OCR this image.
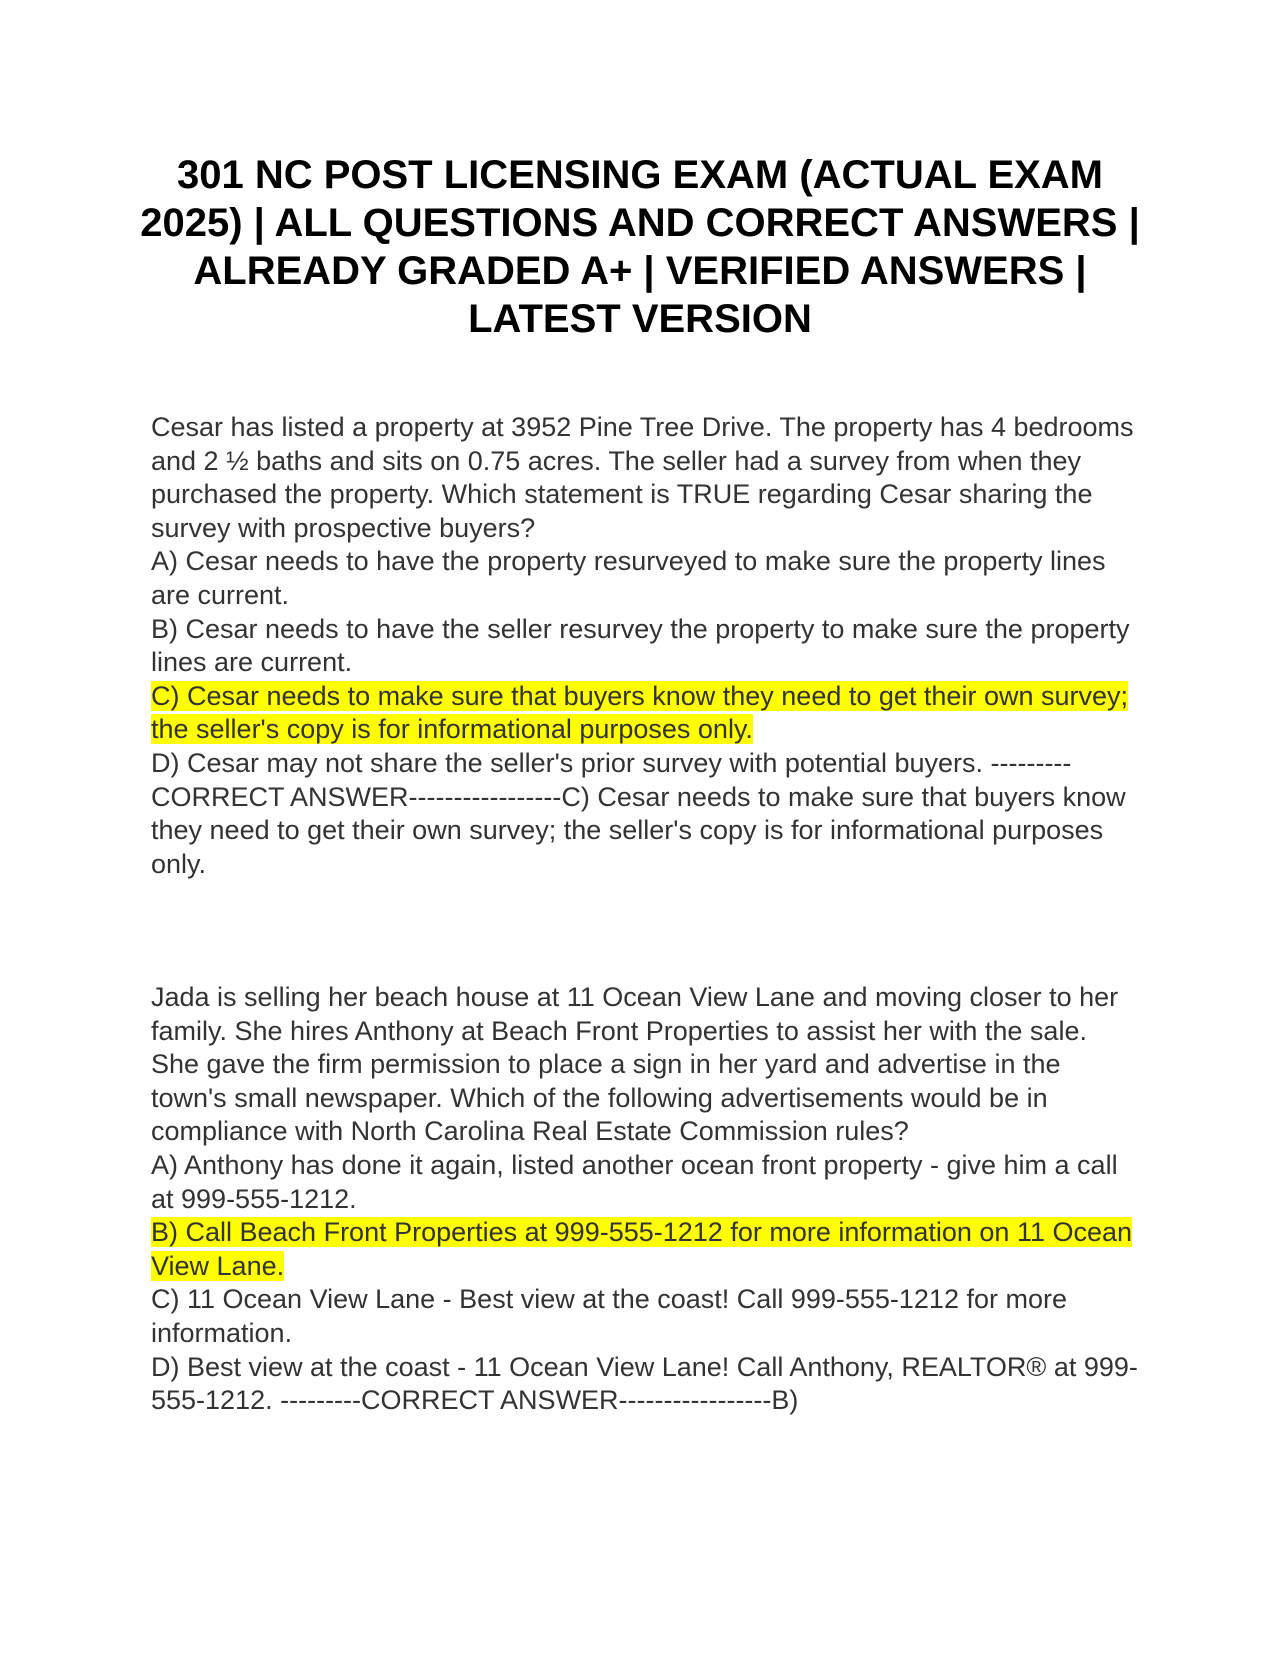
301 NC POST LICENSING EXAM (ACTUAL EXAM 2025) | ALL QUESTIONS AND CORRECT ANSWERS | ALREADY GRADED A+ | VERIFIED ANSWERS | LATEST VERSION

Cesar has listed a property at 3952 Pine Tree Drive. The property has 4 bedrooms and 2 ½ baths and sits on 0.75 acres. The seller had a survey from when they purchased the property. Which statement is TRUE regarding Cesar sharing the survey with prospective buyers?

A) Cesar needs to have the property resurveyed to make sure the property lines are current.

B) Cesar needs to have the seller resurvey the property to make sure the property lines are current.

C) Cesar needs to make sure that buyers know they need to get their own survey; the seller's copy is for informational purposes only.

D) Cesar may not share the seller's prior survey with potential buyers. ---------CORRECT ANSWER-----------------C) Cesar needs to make sure that buyers know they need to get their own survey; the seller's copy is for informational purposes only.

Jada is selling her beach house at 11 Ocean View Lane and moving closer to her family. She hires Anthony at Beach Front Properties to assist her with the sale. She gave the firm permission to place a sign in her yard and advertise in the town's small newspaper. Which of the following advertisements would be in compliance with North Carolina Real Estate Commission rules?

A) Anthony has done it again, listed another ocean front property - give him a call at 999-555-1212.

B) Call Beach Front Properties at 999-555-1212 for more information on 11 Ocean View Lane.

C) 11 Ocean View Lane - Best view at the coast! Call 999-555-1212 for more information.

D) Best view at the coast - 11 Ocean View Lane! Call Anthony, REALTOR® at 999-555-1212. ---------CORRECT ANSWER-----------------B)
